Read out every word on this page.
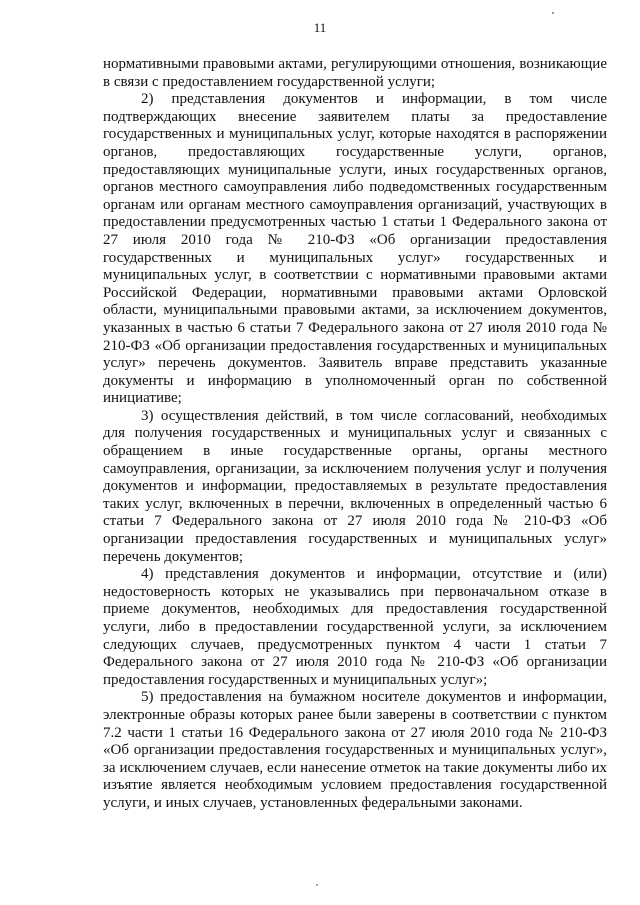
11

нормативными правовыми актами, регулирующими отношения, возникающие в связи с предоставлением государственной услуги;

2) представления документов и информации, в том числе подтверждающих внесение заявителем платы за предоставление государственных и муниципальных услуг, которые находятся в распоряжении органов, предоставляющих государственные услуги, органов, предоставляющих муниципальные услуги, иных государственных органов, органов местного самоуправления либо подведомственных государственным органам или органам местного самоуправления организаций, участвующих в предоставлении предусмотренных частью 1 статьи 1 Федерального закона от 27 июля 2010 года № 210-ФЗ «Об организации предоставления государственных и муниципальных услуг» государственных и муниципальных услуг, в соответствии с нормативными правовыми актами Российской Федерации, нормативными правовыми актами Орловской области, муниципальными правовыми актами, за исключением документов, указанных в частью 6 статьи 7 Федерального закона от 27 июля 2010 года № 210-ФЗ «Об организации предоставления государственных и муниципальных услуг» перечень документов. Заявитель вправе представить указанные документы и информацию в уполномоченный орган по собственной инициативе;

3) осуществления действий, в том числе согласований, необходимых для получения государственных и муниципальных услуг и связанных с обращением в иные государственные органы, органы местного самоуправления, организации, за исключением получения услуг и получения документов и информации, предоставляемых в результате предоставления таких услуг, включенных в перечни, включенных в определенный частью 6 статьи 7 Федерального закона от 27 июля 2010 года № 210-ФЗ «Об организации предоставления государственных и муниципальных услуг» перечень документов;

4) представления документов и информации, отсутствие и (или) недостоверность которых не указывались при первоначальном отказе в приеме документов, необходимых для предоставления государственной услуги, либо в предоставлении государственной услуги, за исключением следующих случаев, предусмотренных пунктом 4 части 1 статьи 7 Федерального закона от 27 июля 2010 года № 210-ФЗ «Об организации предоставления государственных и муниципальных услуг»;

5) предоставления на бумажном носителе документов и информации, электронные образы которых ранее были заверены в соответствии с пунктом 7.2 части 1 статьи 16 Федерального закона от 27 июля 2010 года № 210-ФЗ «Об организации предоставления государственных и муниципальных услуг», за исключением случаев, если нанесение отметок на такие документы либо их изъятие является необходимым условием предоставления государственной услуги, и иных случаев, установленных федеральными законами.
